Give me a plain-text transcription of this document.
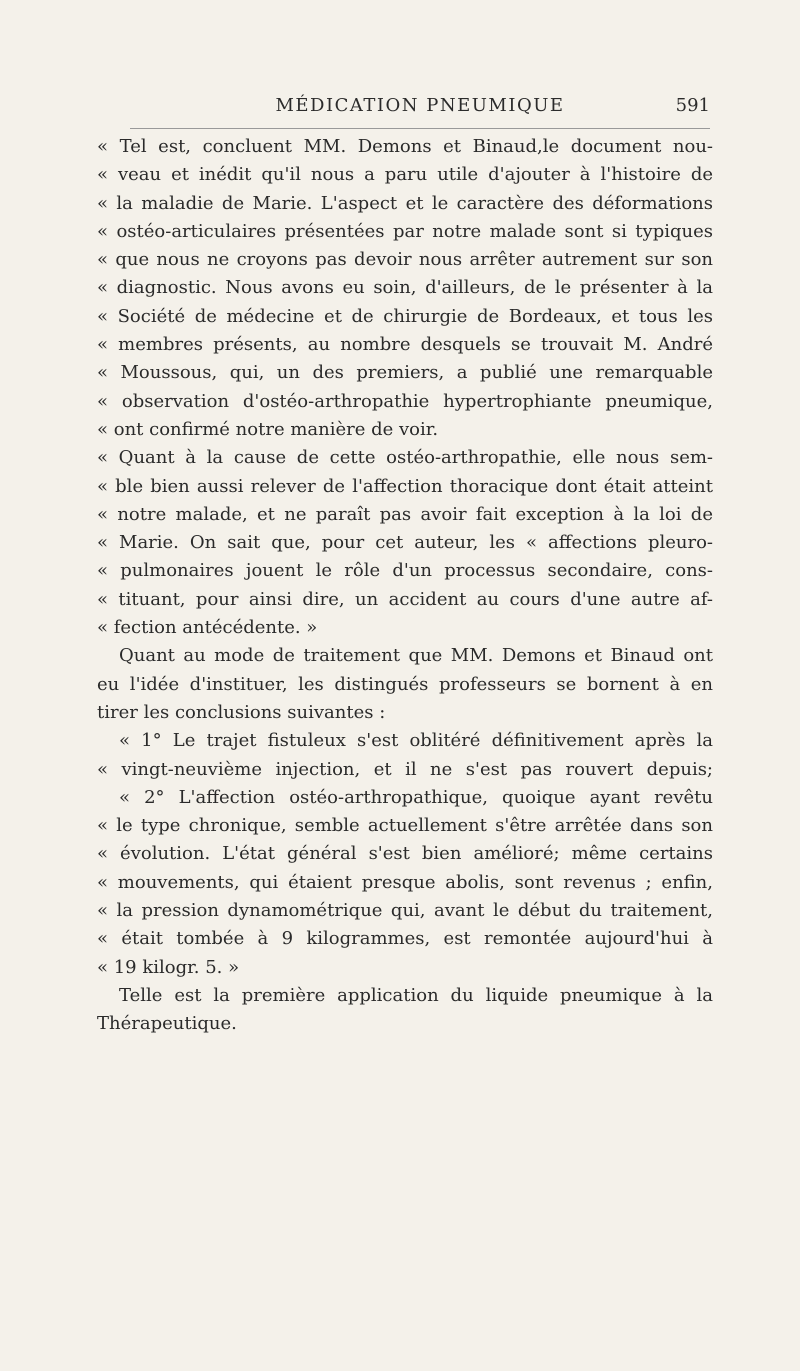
MÉDICATION PNEUMIQUE	591
« Tel est, concluent MM. Demons et Binaud,le document nou-
« veau et inédit qu'il nous a paru utile d'ajouter à l'histoire de
« la maladie de Marie. L'aspect et le caractère des déformations
« ostéo-articulaires présentées par notre malade sont si typiques
« que nous ne croyons pas devoir nous arrêter autrement sur son
« diagnostic. Nous avons eu soin, d'ailleurs, de le présenter à la
« Société de médecine et de chirurgie de Bordeaux, et tous les
« membres présents, au nombre desquels se trouvait M. André
« Moussous, qui, un des premiers, a publié une remarquable
« observation d'ostéo-arthropathie hypertrophiante pneumique,
« ont confirmé notre manière de voir.
« Quant à la cause de cette ostéo-arthropathie, elle nous sem-
« ble bien aussi relever de l'affection thoracique dont était atteint
« notre malade, et ne paraît pas avoir fait exception à la loi de
« Marie. On sait que, pour cet auteur, les « affections pleuro-
« pulmonaires jouent le rôle d'un processus secondaire, cons-
« tituant, pour ainsi dire, un accident au cours d'une autre af-
« fection antécédente. »
Quant au mode de traitement que MM. Demons et Binaud ont
eu l'idée d'instituer, les distingués professeurs se bornent à en
tirer les conclusions suivantes :
« 1° Le trajet fistuleux s'est oblitéré définitivement après la
« vingt-neuvième injection, et il ne s'est pas rouvert depuis;
« 2° L'affection ostéo-arthropathique, quoique ayant revêtu
« le type chronique, semble actuellement s'être arrêtée dans son
« évolution. L'état général s'est bien amélioré; même certains
« mouvements, qui étaient presque abolis, sont revenus ; enfin,
« la pression dynamométrique qui, avant le début du traitement,
« était tombée à 9 kilogrammes, est remontée aujourd'hui à
« 19 kilogr. 5. »
Telle est la première application du liquide pneumique à la
Thérapeutique.
